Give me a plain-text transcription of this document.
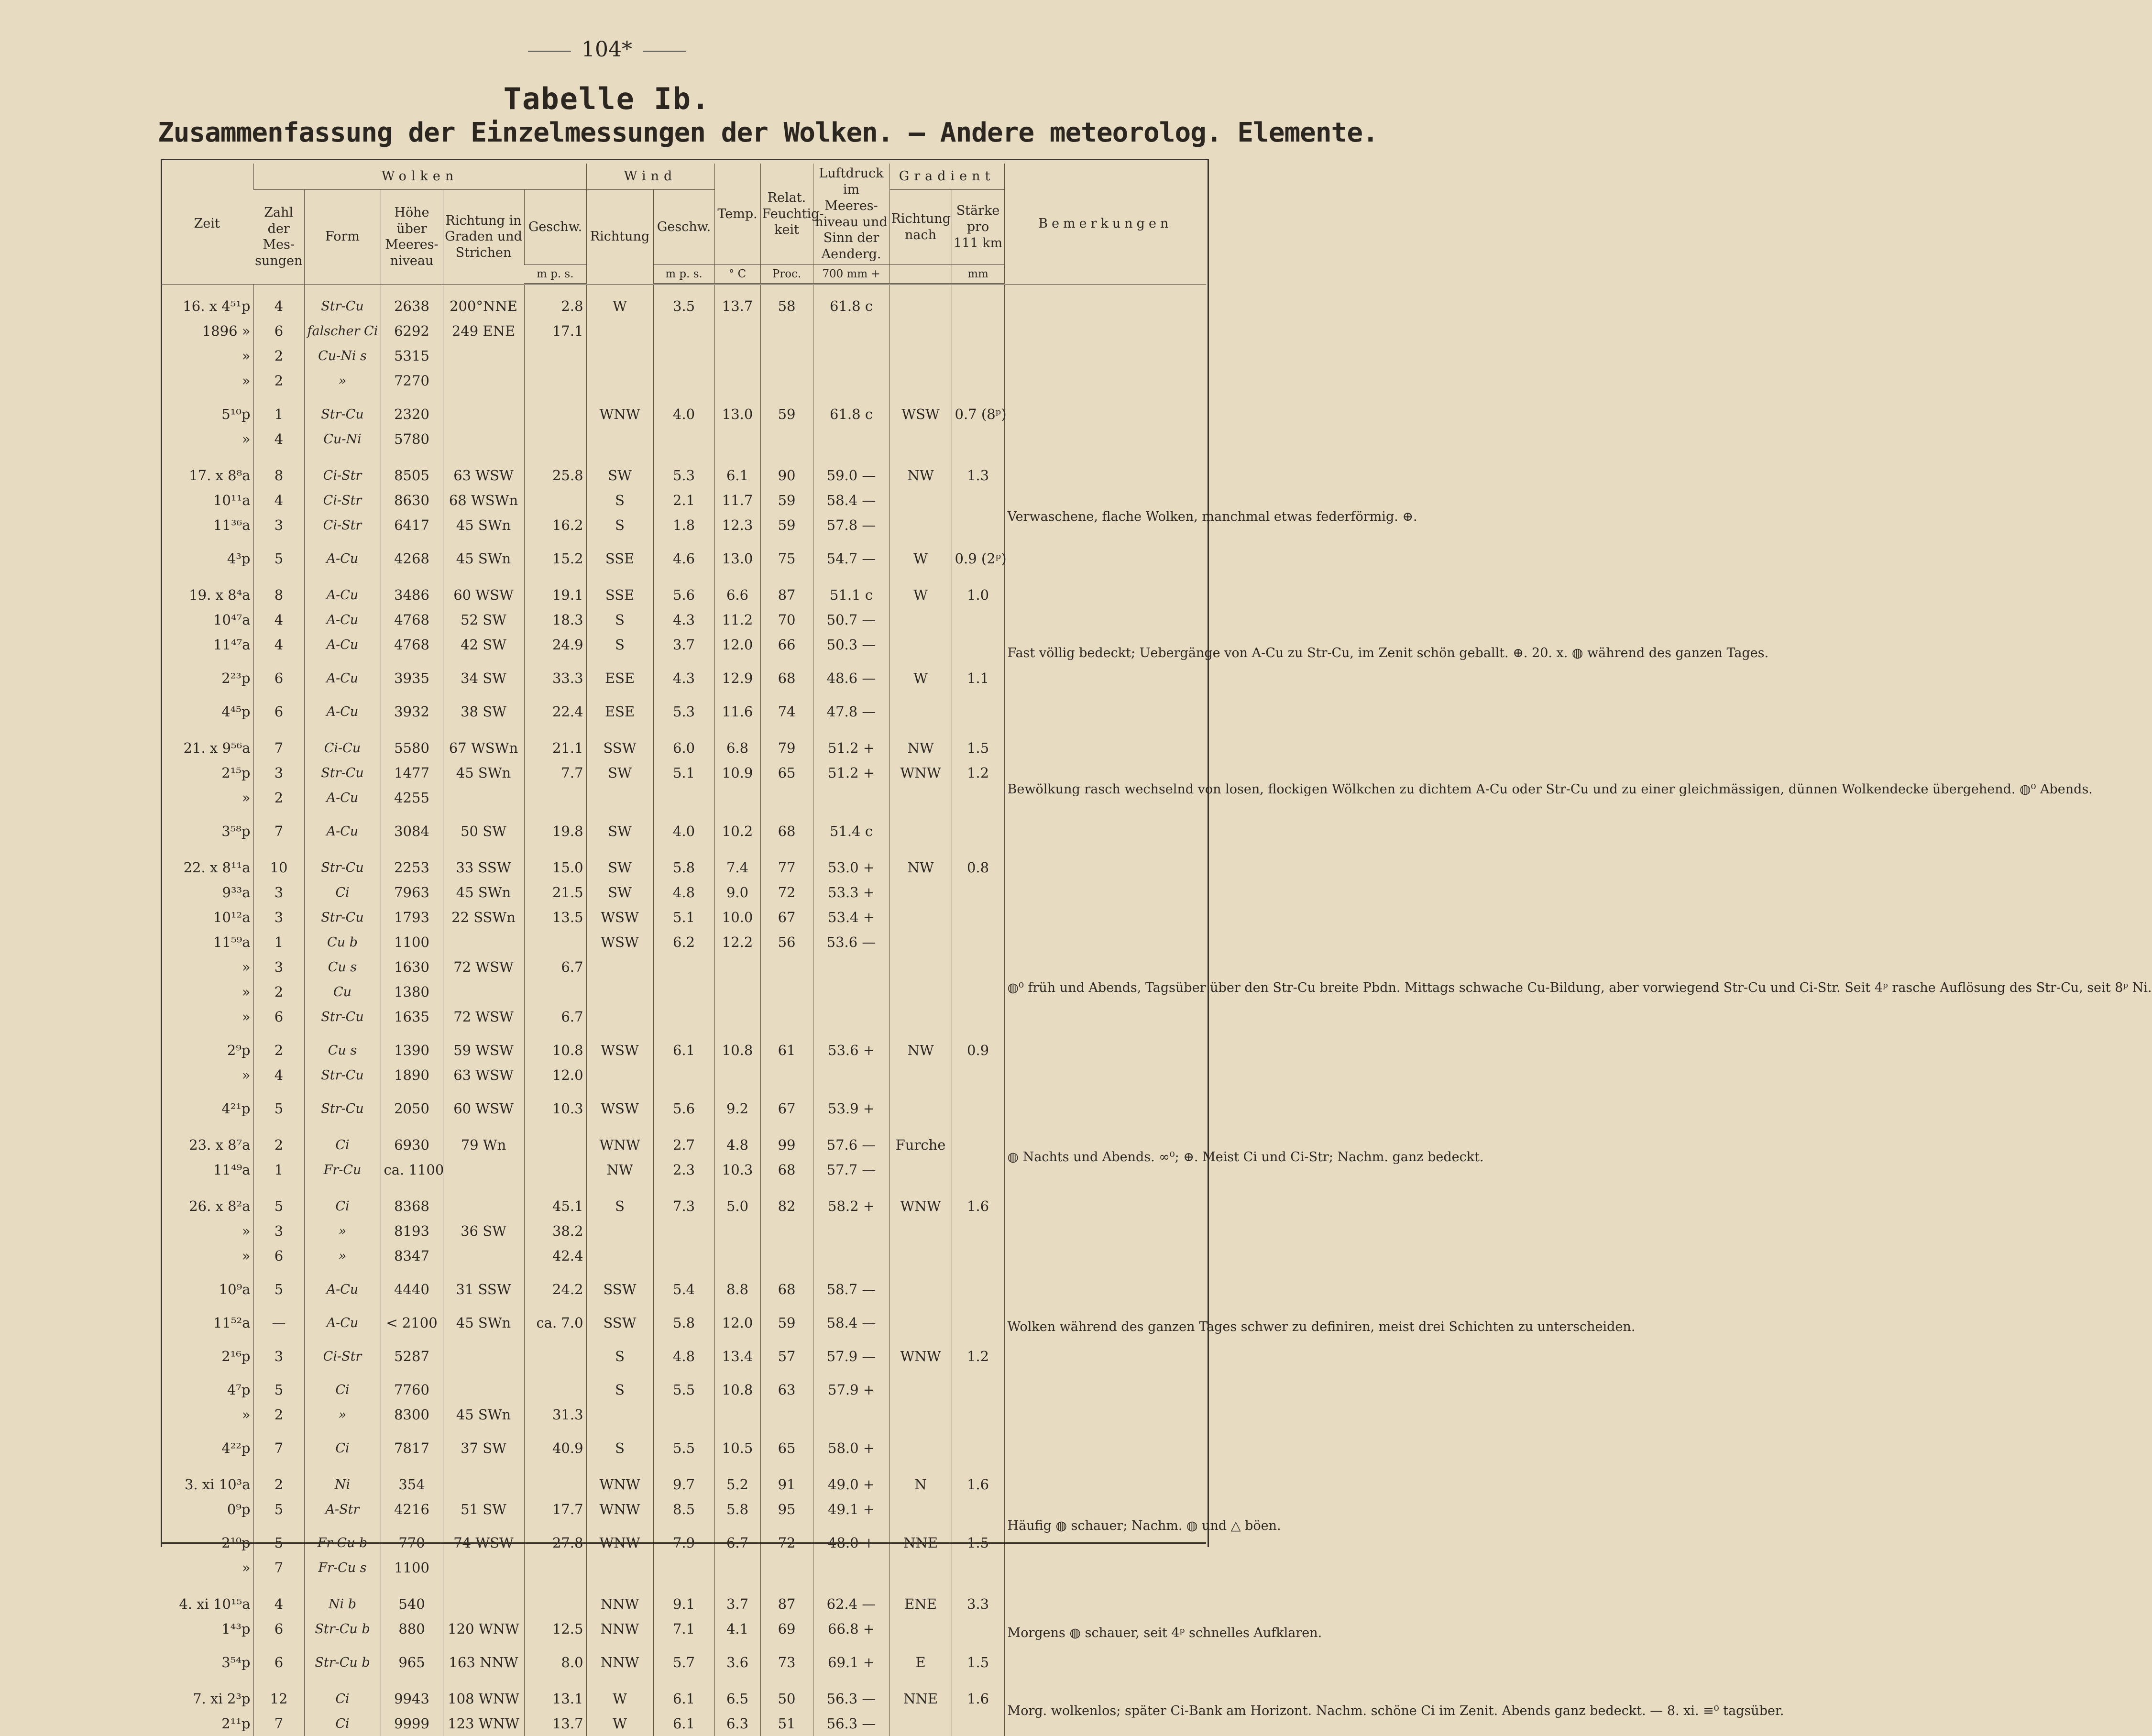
104*
Tabelle Ib.
Zusammenfassung der Einzelmessungen der Wolken. — Andere meteorolog. Elemente.
Zeit	Wolken					Wind		Temp.	Relat. Feuchtig- keit	Luftdruck im Meeres- niveau und Sinn der Aenderg.	Gradient		Bemerkungen
	Zahl der Mes- sungen	Form	Höhe über Meeres- niveau	Richtung in Graden und Strichen	Geschw.	Richtung	Geschw.				Richtung nach	Stärke pro 111 km	
					m p. s.		m p. s.	° C	Proc.	700 mm +		mm	

16. x 4⁵¹p	4	Str-Cu	2638	200°NNE	2.8	W	3.5	13.7	58	61.8 c			
1896 »	6	falscher Ci	6292	249 ENE	17.1								
»	2	Cu-Ni s	5315										
»	2	»	7270										

5¹⁰p	1	Str-Cu	2320			WNW	4.0	13.0	59	61.8 c	WSW	0.7 (8ᵖ)	
»	4	Cu-Ni	5780										

17. x 8⁸a	8	Ci-Str	8505	63 WSW	25.8	SW	5.3	6.1	90	59.0 —	NW	1.3	Verwaschene, flache Wolken, manchmal etwas federförmig. ⊕.
10¹¹a	4	Ci-Str	8630	68 WSWn		S	2.1	11.7	59	58.4 —			
11³⁶a	3	Ci-Str	6417	45 SWn	16.2	S	1.8	12.3	59	57.8 —			

4³p	5	A-Cu	4268	45 SWn	15.2	SSE	4.6	13.0	75	54.7 —	W	0.9 (2ᵖ)	

19. x 8⁴a	8	A-Cu	3486	60 WSW	19.1	SSE	5.6	6.6	87	51.1 c	W	1.0	Fast völlig bedeckt; Uebergänge von A-Cu zu Str-Cu, im Zenit schön geballt. ⊕. 20. x. ◍ während des ganzen Tages.
10⁴⁷a	4	A-Cu	4768	52 SW	18.3	S	4.3	11.2	70	50.7 —			
11⁴⁷a	4	A-Cu	4768	42 SW	24.9	S	3.7	12.0	66	50.3 —			

2²³p	6	A-Cu	3935	34 SW	33.3	ESE	4.3	12.9	68	48.6 —	W	1.1	

4⁴⁵p	6	A-Cu	3932	38 SW	22.4	ESE	5.3	11.6	74	47.8 —			

21. x 9⁵⁶a	7	Ci-Cu	5580	67 WSWn	21.1	SSW	6.0	6.8	79	51.2 +	NW	1.5	Bewölkung rasch wechselnd von losen, flockigen Wölkchen zu dichtem A-Cu oder Str-Cu und zu einer gleichmässigen, dünnen Wolkendecke übergehend. ◍⁰ Abends.
2¹⁵p	3	Str-Cu	1477	45 SWn	7.7	SW	5.1	10.9	65	51.2 +	WNW	1.2	
»	2	A-Cu	4255										

3⁵⁸p	7	A-Cu	3084	50 SW	19.8	SW	4.0	10.2	68	51.4 c			

22. x 8¹¹a	10	Str-Cu	2253	33 SSW	15.0	SW	5.8	7.4	77	53.0 +	NW	0.8	◍⁰ früh und Abends, Tagsüber über den Str-Cu breite Pbdn. Mittags schwache Cu-Bildung, aber vorwiegend Str-Cu und Ci-Str. Seit 4ᵖ rasche Auflösung des Str-Cu, seit 8ᵖ Ni.
9³³a	3	Ci	7963	45 SWn	21.5	SW	4.8	9.0	72	53.3 +			
10¹²a	3	Str-Cu	1793	22 SSWn	13.5	WSW	5.1	10.0	67	53.4 +			
11⁵⁹a	1	Cu b	1100			WSW	6.2	12.2	56	53.6 —			
»	3	Cu s	1630	72 WSW	6.7								
»	2	Cu	1380										
»	6	Str-Cu	1635	72 WSW	6.7								

2⁹p	2	Cu s	1390	59 WSW	10.8	WSW	6.1	10.8	61	53.6 +	NW	0.9	
»	4	Str-Cu	1890	63 WSW	12.0								

4²¹p	5	Str-Cu	2050	60 WSW	10.3	WSW	5.6	9.2	67	53.9 +			

23. x 8⁷a	2	Ci	6930	79 Wn		WNW	2.7	4.8	99	57.6 —	Furche		◍ Nachts und Abends. ∞⁰; ⊕. Meist Ci und Ci-Str; Nachm. ganz bedeckt.
11⁴⁹a	1	Fr-Cu	ca. 1100			NW	2.3	10.3	68	57.7 —			

26. x 8²a	5	Ci	8368		45.1	S	7.3	5.0	82	58.2 +	WNW	1.6	Wolken während des ganzen Tages schwer zu definiren, meist drei Schichten zu unterscheiden.
»	3	»	8193	36 SW	38.2								
»	6	»	8347		42.4								

10⁹a	5	A-Cu	4440	31 SSW	24.2	SSW	5.4	8.8	68	58.7 —			

11⁵²a	—	A-Cu	< 2100	45 SWn	ca. 7.0	SSW	5.8	12.0	59	58.4 —			

2¹⁶p	3	Ci-Str	5287			S	4.8	13.4	57	57.9 —	WNW	1.2	

4⁷p	5	Ci	7760			S	5.5	10.8	63	57.9 +			
»	2	»	8300	45 SWn	31.3								

4²²p	7	Ci	7817	37 SW	40.9	S	5.5	10.5	65	58.0 +			

3. xi 10³a	2	Ni	354			WNW	9.7	5.2	91	49.0 +	N	1.6	Häufig ◍ schauer; Nachm. ◍ und △ böen.
0⁹p	5	A-Str	4216	51 SW	17.7	WNW	8.5	5.8	95	49.1 +			

2¹⁰p	5	Fr-Cu b	770	74 WSW	27.8	WNW	7.9	6.7	72	48.0 +	NNE	1.5	
»	7	Fr-Cu s	1100										

4. xi 10¹⁵a	4	Ni b	540			NNW	9.1	3.7	87	62.4 —	ENE	3.3	Morgens ◍ schauer, seit 4ᵖ schnelles Aufklaren.
1⁴³p	6	Str-Cu b	880	120 WNW	12.5	NNW	7.1	4.1	69	66.8 +			

3⁵⁴p	6	Str-Cu b	965	163 NNW	8.0	NNW	5.7	3.6	73	69.1 +	E	1.5	

7. xi 2³p	12	Ci	9943	108 WNW	13.1	W	6.1	6.5	50	56.3 —	NNE	1.6	Morg. wolkenlos; später Ci-Bank am Horizont. Nachm. schöne Ci im Zenit. Abends ganz bedeckt. — 8. xi. ≡⁰ tagsüber.
2¹¹p	7	Ci	9999	123 WNW	13.7	W	6.1	6.3	51	56.3 —			
